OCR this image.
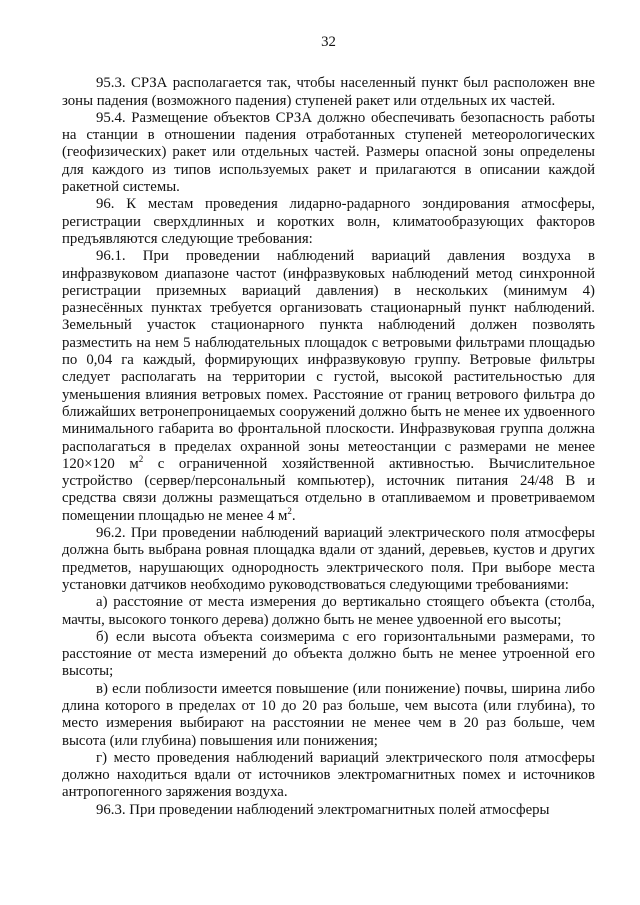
32

95.3. СРЗА располагается так, чтобы населенный пункт был расположен вне зоны падения (возможного падения) ступеней ракет или отдельных их частей.

95.4. Размещение объектов СРЗА должно обеспечивать безопасность работы на станции в отношении падения отработанных ступеней метеорологических (геофизических) ракет или отдельных частей. Размеры опасной зоны определены для каждого из типов используемых ракет и прилагаются в описании каждой ракетной системы.

96. К местам проведения лидарно-радарного зондирования атмосферы, регистрации сверхдлинных и коротких волн, климатообразующих факторов предъявляются следующие требования:

96.1. При проведении наблюдений вариаций давления воздуха в инфразвуковом диапазоне частот (инфразвуковых наблюдений метод синхронной регистрации приземных вариаций давления) в нескольких (минимум 4) разнесённых пунктах требуется организовать стационарный пункт наблюдений. Земельный участок стационарного пункта наблюдений должен позволять разместить на нем 5 наблюдательных площадок с ветровыми фильтрами площадью по 0,04 га каждый, формирующих инфразвуковую группу. Ветровые фильтры следует располагать на территории с густой, высокой растительностью для уменьшения влияния ветровых помех. Расстояние от границ ветрового фильтра до ближайших ветронепроницаемых сооружений должно быть не менее их удвоенного минимального габарита во фронтальной плоскости. Инфразвуковая группа должна располагаться в пределах охранной зоны метеостанции с размерами не менее 120×120 $м^2$ с ограниченной хозяйственной активностью. Вычислительное устройство (сервер/персональный компьютер), источник питания 24/48 В и средства связи должны размещаться отдельно в отапливаемом и проветриваемом помещении площадью не менее 4 $м^2$.

96.2. При проведении наблюдений вариаций электрического поля атмосферы должна быть выбрана ровная площадка вдали от зданий, деревьев, кустов и других предметов, нарушающих однородность электрического поля. При выборе места установки датчиков необходимо руководствоваться следующими требованиями:

а) расстояние от места измерения до вертикально стоящего объекта (столба, мачты, высокого тонкого дерева) должно быть не менее удвоенной его высоты;

б) если высота объекта соизмерима с его горизонтальными размерами, то расстояние от места измерений до объекта должно быть не менее утроенной его высоты;

в) если поблизости имеется повышение (или понижение) почвы, ширина либо длина которого в пределах от 10 до 20 раз больше, чем высота (или глубина), то место измерения выбирают на расстоянии не менее чем в 20 раз больше, чем высота (или глубина) повышения или понижения;

г) место проведения наблюдений вариаций электрического поля атмосферы должно находиться вдали от источников электромагнитных помех и источников антропогенного заряжения воздуха.

96.3. При проведении наблюдений электромагнитных полей атмосферы
